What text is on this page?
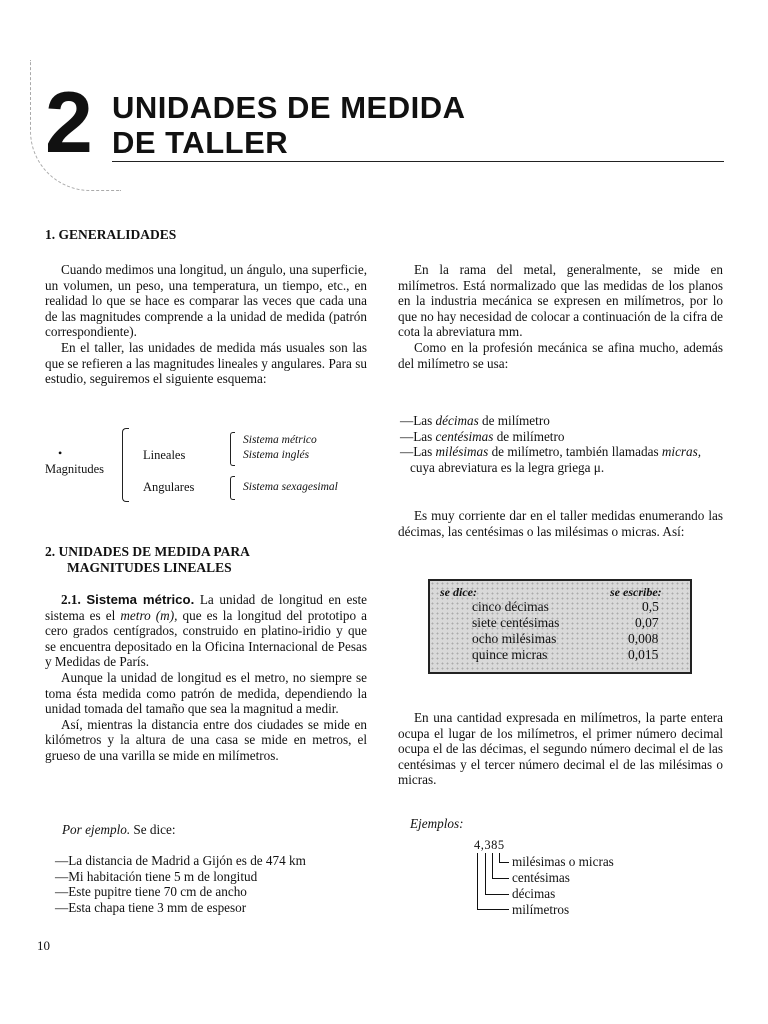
2 UNIDADES DE MEDIDA
DE TALLER
1. GENERALIDADES

Cuando medimos una longitud, un ángulo, una superficie, un volumen, un peso, una temperatura, un tiempo, etc., en realidad lo que se hace es comparar las veces que cada una de las magnitudes comprende a la unidad de medida (patrón correspondiente).

En el taller, las unidades de medida más usuales son las que se refieren a las magnitudes lineales y angulares. Para su estudio, seguiremos el siguiente esquema:

Magnitudes
•	Lineales
Angulares
Sistema métrico
Sistema inglés
Sistema sexagesimal
2. UNIDADES DE MEDIDA PARA
MAGNITUDES LINEALES

2.1. Sistema métrico. La unidad de longitud en este sistema es el metro (m), que es la longitud del prototipo a cero grados centígrados, construido en platino-iridio y que se encuentra depositado en la Oficina Internacional de Pesas y Medidas de París.

Aunque la unidad de longitud es el metro, no siempre se toma ésta medida como patrón de medida, dependiendo la unidad tomada del tamaño que sea la magnitud a medir.

Así, mientras la distancia entre dos ciudades se mide en kilómetros y la altura de una casa se mide en metros, el grueso de una varilla se mide en milímetros.

Por ejemplo. Se dice:
—La distancia de Madrid a Gijón es de 474 km
—Mi habitación tiene 5 m de longitud
—Este pupitre tiene 70 cm de ancho
—Esta chapa tiene 3 mm de espesor
10

En la rama del metal, generalmente, se mide en milímetros. Está normalizado que las medidas de los planos en la industria mecánica se expresen en milímetros, por lo que no hay necesidad de colocar a continuación de la cifra de cota la abreviatura mm.

Como en la profesión mecánica se afina mucho, además del milímetro se usa:

—Las décimas de milímetro
—Las centésimas de milímetro
—Las milésimas de milímetro, también llamadas micras, cuya abreviatura es la legra griega μ.

Es muy corriente dar en el taller medidas enumerando las décimas, las centésimas o las milésimas o micras. Así:

se dice:	se escribe:
cinco décimas	0,5
siete centésimas	0,07
ocho milésimas	0,008
quince micras	0,015

En una cantidad expresada en milímetros, la parte entera ocupa el lugar de los milímetros, el primer número decimal ocupa el de las décimas, el segundo número decimal el de las centésimas y el tercer número decimal el de las milésimas o micras.

Ejemplos:
4,385
milésimas o micras
centésimas
décimas
milímetros
